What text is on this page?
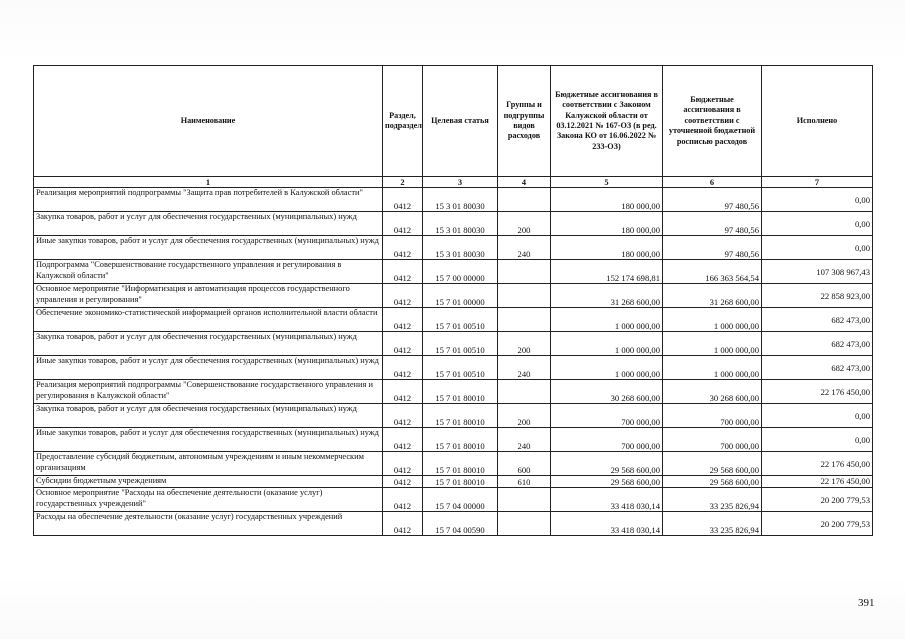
Наименование	Раздел, подраздел	Целевая статья	Группы и подгруппы видов расходов	Бюджетные ассигнования в соответствии с Законом Калужской области от 03.12.2021 № 167-ОЗ (в ред. Закона КО от 16.06.2022 № 233-ОЗ)	Бюджетные ассигнования в соответствии с уточненной бюджетной росписью расходов	Исполнено
1	2	3	4	5	6	7
Реализация мероприятий подпрограммы "Защита прав потребителей в Калужской области"	0412	15 3 01 80030		180 000,00	97 480,56	0,00
Закупка товаров, работ и услуг для обеспечения государственных (муниципальных) нужд	0412	15 3 01 80030	200	180 000,00	97 480,56	0,00
Иные закупки товаров, работ и услуг для обеспечения государственных (муниципальных) нужд	0412	15 3 01 80030	240	180 000,00	97 480,56	0,00
Подпрограмма "Совершенствование государственного управления и регулирования в Калужской области"	0412	15 7 00 00000		152 174 698,81	166 363 564,54	107 308 967,43
Основное мероприятие "Информатизация и автоматизация процессов государственного управления и регулирования"	0412	15 7 01 00000		31 268 600,00	31 268 600,00	22 858 923,00
Обеспечение экономико-статистической информацией органов исполнительной власти области	0412	15 7 01 00510		1 000 000,00	1 000 000,00	682 473,00
Закупка товаров, работ и услуг для обеспечения государственных (муниципальных) нужд	0412	15 7 01 00510	200	1 000 000,00	1 000 000,00	682 473,00
Иные закупки товаров, работ и услуг для обеспечения государственных (муниципальных) нужд	0412	15 7 01 00510	240	1 000 000,00	1 000 000,00	682 473,00
Реализация мероприятий подпрограммы "Совершенствование государственного управления и регулирования в Калужской области"	0412	15 7 01 80010		30 268 600,00	30 268 600,00	22 176 450,00
Закупка товаров, работ и услуг для обеспечения государственных (муниципальных) нужд	0412	15 7 01 80010	200	700 000,00	700 000,00	0,00
Иные закупки товаров, работ и услуг для обеспечения государственных (муниципальных) нужд	0412	15 7 01 80010	240	700 000,00	700 000,00	0,00
Предоставление субсидий бюджетным, автономным учреждениям и иным некоммерческим организациям	0412	15 7 01 80010	600	29 568 600,00	29 568 600,00	22 176 450,00
Субсидии бюджетным учреждениям	0412	15 7 01 80010	610	29 568 600,00	29 568 600,00	22 176 450,00
Основное мероприятие "Расходы на обеспечение деятельности (оказание услуг) государственных учреждений"	0412	15 7 04 00000		33 418 030,14	33 235 826,94	20 200 779,53
Расходы на обеспечение деятельности (оказание услуг) государственных учреждений	0412	15 7 04 00590		33 418 030,14	33 235 826,94	20 200 779,53
391
